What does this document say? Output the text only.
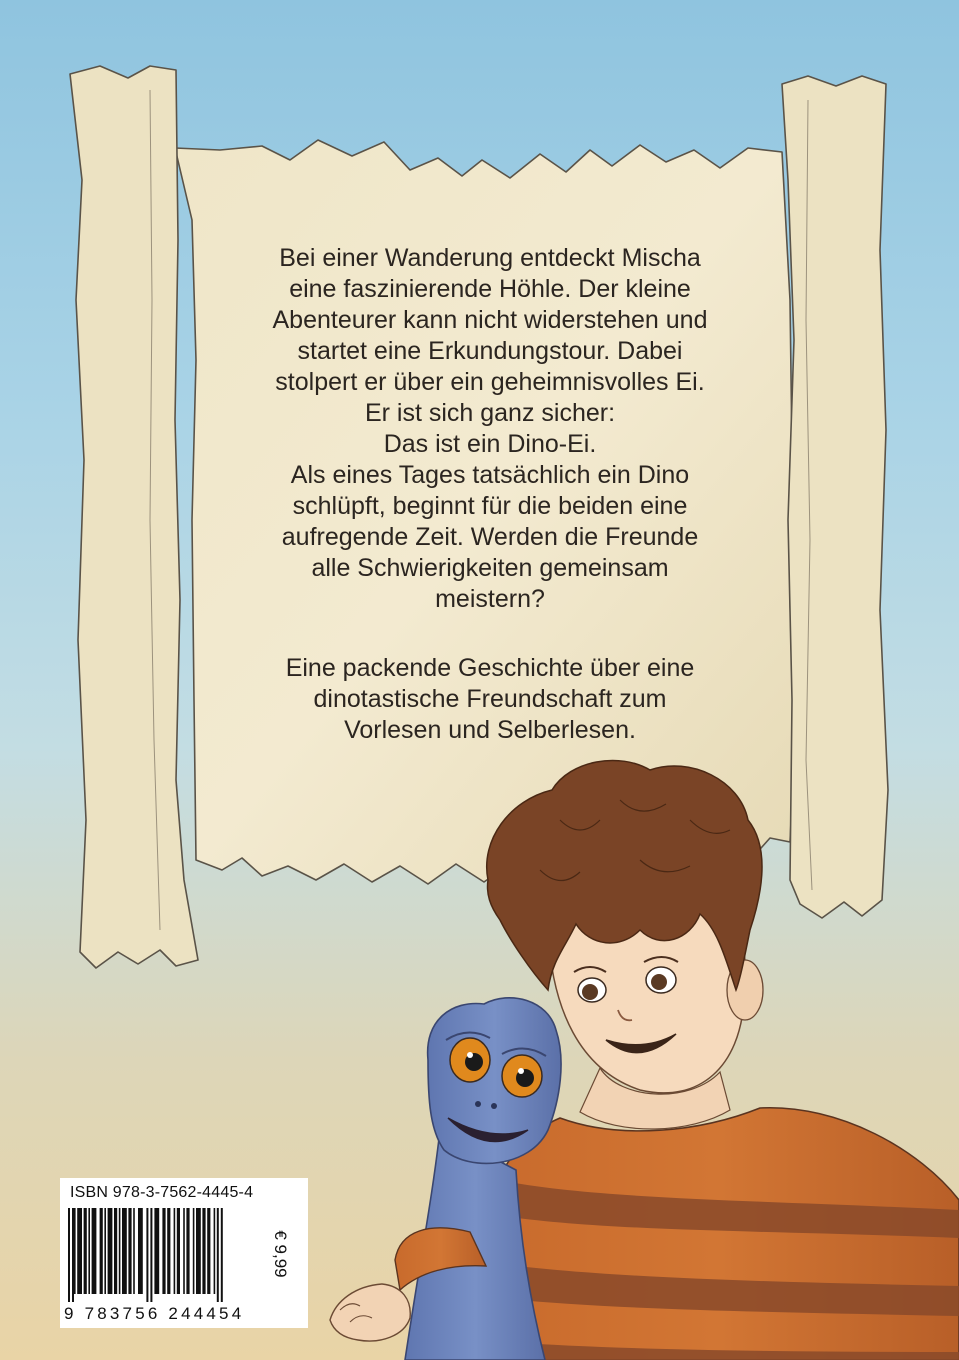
Bei einer Wanderung entdeckt Mischa
eine faszinierende Höhle. Der kleine
Abenteurer kann nicht widerstehen und
startet eine Erkundungstour. Dabei
stolpert er über ein geheimnisvolles Ei.
Er ist sich ganz sicher:
Das ist ein Dino-Ei.
Als eines Tages tatsächlich ein Dino
schlüpft, beginnt für die beiden eine
aufregende Zeit. Werden die Freunde
alle Schwierigkeiten gemeinsam
meistern?

Eine packende Geschichte über eine
dinotastische Freundschaft zum
Vorlesen und Selberlesen.

ISBN 978-3-7562-4445-4
9 783756 244454
€ 9,99
